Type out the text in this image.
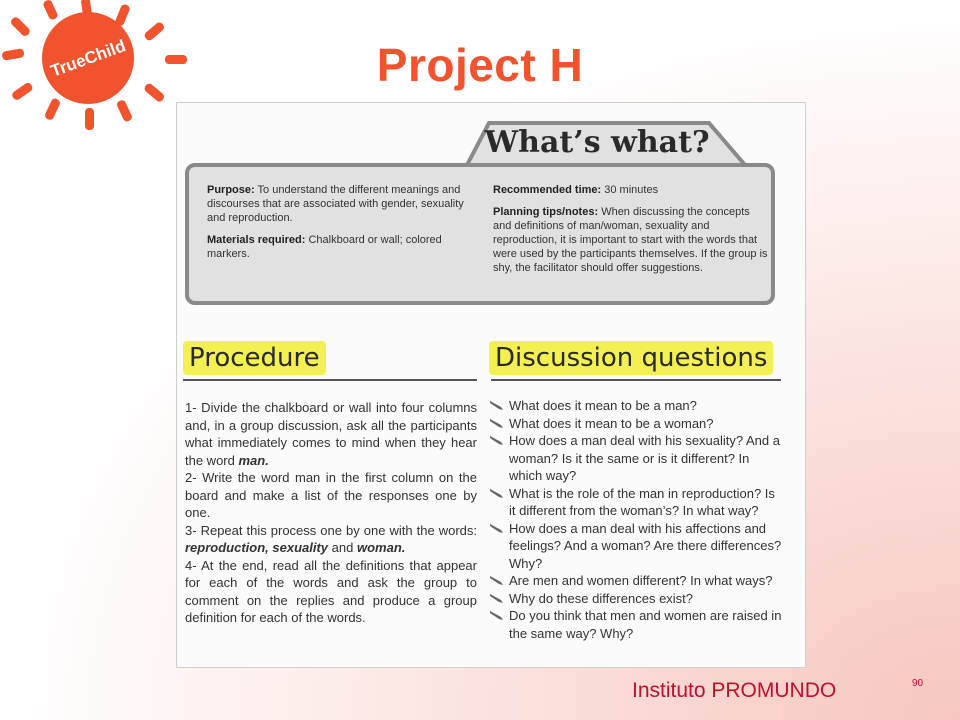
TrueChild	Project H
What’s what?

Purpose: To understand the different meanings and discourses that are associated with gender, sexuality and reproduction.

Materials required: Chalkboard or wall; colored markers.

Recommended time: 30 minutes

Planning tips/notes: When discussing the concepts and definitions of man/woman, sexuality and reproduction, it is important to start with the words that were used by the participants themselves. If the group is shy, the facilitator should offer suggestions.

Procedure	Discussion questions

1- Divide the chalkboard or wall into four columns and, in a group discussion, ask all the participants what immediately comes to mind when they hear the word man.

2- Write the word man in the first column on the board and make a list of the responses one by one.

3- Repeat this process one by one with the words: reproduction, sexuality and woman.

4- At the end, read all the definitions that appear for each of the words and ask the group to comment on the replies and produce a group definition for each of the words.

What does it mean to be a man?
What does it mean to be a woman?
How does a man deal with his sexuality? And a woman? Is it the same or is it different? In which way?
What is the role of the man in reproduction? Is it different from the woman’s? In what way?
How does a man deal with his affections and feelings? And a woman? Are there differences? Why?
Are men and women different? In what ways?
Why do these differences exist?
Do you think that men and women are raised in the same way? Why?
Instituto PROMUNDO	90
